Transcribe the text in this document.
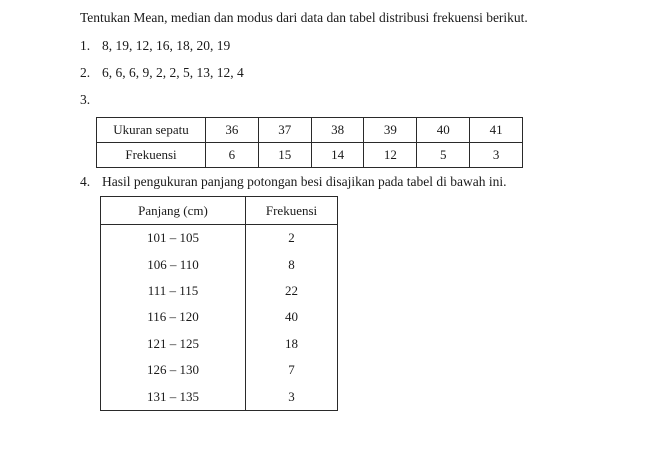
Tentukan Mean, median dan modus dari data dan tabel distribusi frekuensi berikut.
1. 8, 19, 12, 16, 18, 20, 19
2. 6, 6, 6, 9, 2, 2, 5, 13, 12, 4
3.
Ukuran sepatu	36	37	38	39	40	41
Frekuensi	6	15	14	12	5	3
4. Hasil pengukuran panjang potongan besi disajikan pada tabel di bawah ini.
Panjang (cm)	Frekuensi
101 – 105	2
106 – 110	8
111 – 115	22
116 – 120	40
121 – 125	18
126 – 130	7
131 – 135	3
